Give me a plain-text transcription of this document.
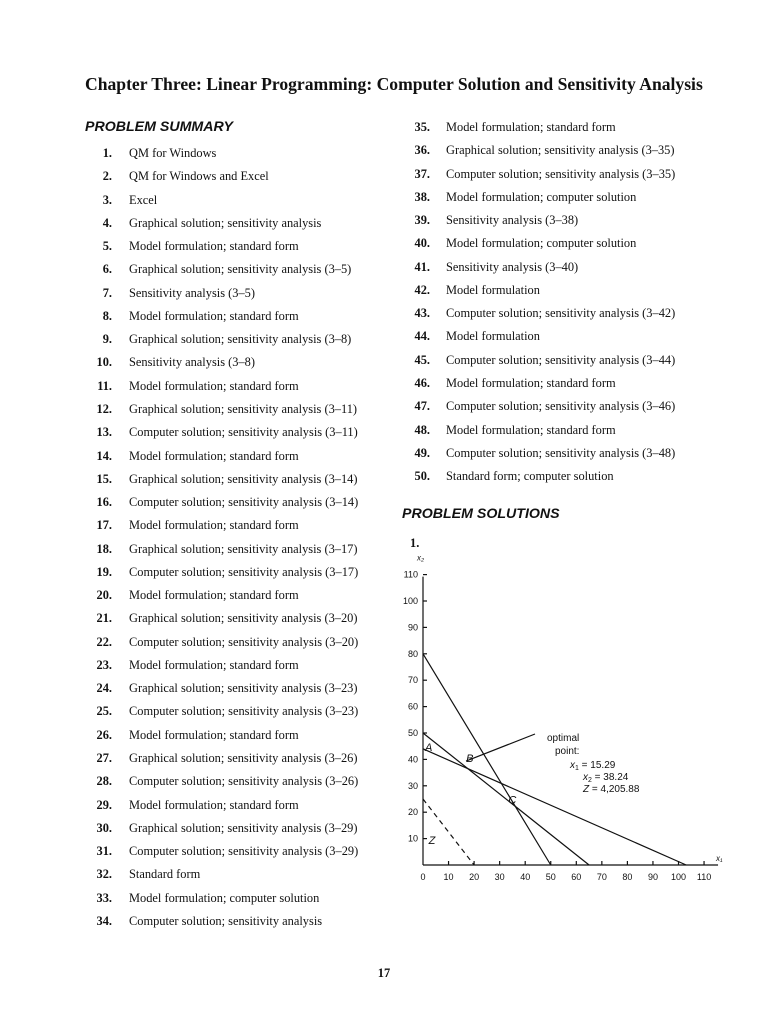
Chapter Three: Linear Programming: Computer Solution and Sensitivity Analysis
PROBLEM SUMMARY
PROBLEM SOLUTIONS
1. QM for Windows
2. QM for Windows and Excel
3. Excel
4. Graphical solution; sensitivity analysis
5. Model formulation; standard form
6. Graphical solution; sensitivity analysis (3–5)
7. Sensitivity analysis (3–5)
8. Model formulation; standard form
9. Graphical solution; sensitivity analysis (3–8)
10. Sensitivity analysis (3–8)
11. Model formulation; standard form
12. Graphical solution; sensitivity analysis (3–11)
13. Computer solution; sensitivity analysis (3–11)
14. Model formulation; standard form
15. Graphical solution; sensitivity analysis (3–14)
16. Computer solution; sensitivity analysis (3–14)
17. Model formulation; standard form
18. Graphical solution; sensitivity analysis (3–17)
19. Computer solution; sensitivity analysis (3–17)
20. Model formulation; standard form
21. Graphical solution; sensitivity analysis (3–20)
22. Computer solution; sensitivity analysis (3–20)
23. Model formulation; standard form
24. Graphical solution; sensitivity analysis (3–23)
25. Computer solution; sensitivity analysis (3–23)
26. Model formulation; standard form
27. Graphical solution; sensitivity analysis (3–26)
28. Computer solution; sensitivity analysis (3–26)
29. Model formulation; standard form
30. Graphical solution; sensitivity analysis (3–29)
31. Computer solution; sensitivity analysis (3–29)
32. Standard form
33. Model formulation; computer solution
34. Computer solution; sensitivity analysis
35. Model formulation; standard form
36. Graphical solution; sensitivity analysis (3–35)
37. Computer solution; sensitivity analysis (3–35)
38. Model formulation; computer solution
39. Sensitivity analysis (3–38)
40. Model formulation; computer solution
41. Sensitivity analysis (3–40)
42. Model formulation
43. Computer solution; sensitivity analysis (3–42)
44. Model formulation
45. Computer solution; sensitivity analysis (3–44)
46. Model formulation; standard form
47. Computer solution; sensitivity analysis (3–46)
48. Model formulation; standard form
49. Computer solution; sensitivity analysis (3–48)
50. Standard form; computer solution
1.
0 10 20 30 40 50 60 70 80 90 100 110
10
20
30
40
50
60
70
80
90
100
110
x₂
x₁
Z
A
B
C
optimal
point:
$x_1 = 15.29$
$x_2 = 38.24$
Z = 4,205.88
17
